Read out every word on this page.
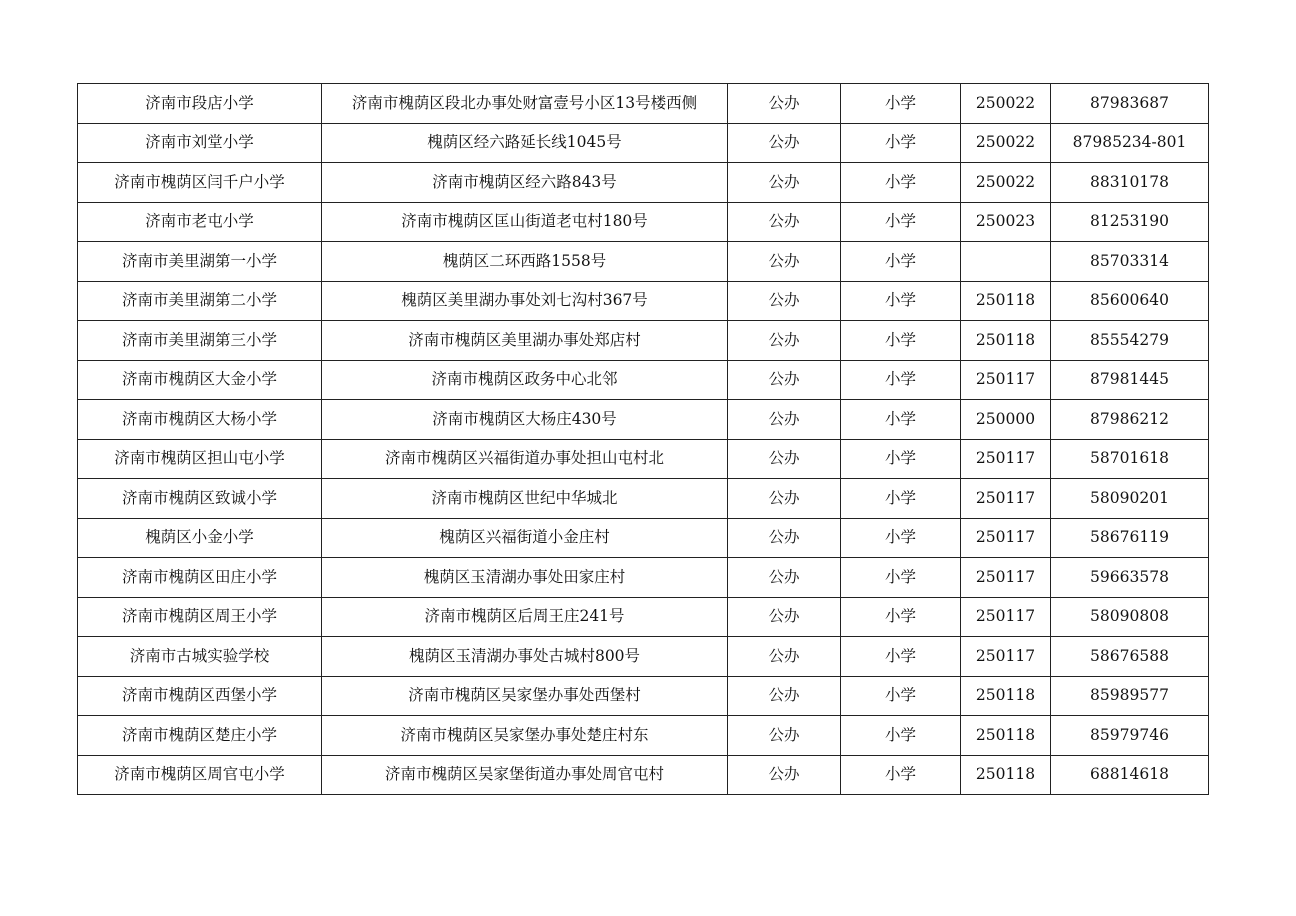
济南市段店小学	济南市槐荫区段北办事处财富壹号小区13号楼西侧	公办	小学	250022	87983687
济南市刘堂小学	槐荫区经六路延长线1045号	公办	小学	250022	87985234-801
济南市槐荫区闫千户小学	济南市槐荫区经六路843号	公办	小学	250022	88310178
济南市老屯小学	济南市槐荫区匡山街道老屯村180号	公办	小学	250023	81253190
济南市美里湖第一小学	槐荫区二环西路1558号	公办	小学		85703314
济南市美里湖第二小学	槐荫区美里湖办事处刘七沟村367号	公办	小学	250118	85600640
济南市美里湖第三小学	济南市槐荫区美里湖办事处郑店村	公办	小学	250118	85554279
济南市槐荫区大金小学	济南市槐荫区政务中心北邻	公办	小学	250117	87981445
济南市槐荫区大杨小学	济南市槐荫区大杨庄430号	公办	小学	250000	87986212
济南市槐荫区担山屯小学	济南市槐荫区兴福街道办事处担山屯村北	公办	小学	250117	58701618
济南市槐荫区致诚小学	济南市槐荫区世纪中华城北	公办	小学	250117	58090201
槐荫区小金小学	槐荫区兴福街道小金庄村	公办	小学	250117	58676119
济南市槐荫区田庄小学	槐荫区玉清湖办事处田家庄村	公办	小学	250117	59663578
济南市槐荫区周王小学	济南市槐荫区后周王庄241号	公办	小学	250117	58090808
济南市古城实验学校	槐荫区玉清湖办事处古城村800号	公办	小学	250117	58676588
济南市槐荫区西堡小学	济南市槐荫区吴家堡办事处西堡村	公办	小学	250118	85989577
济南市槐荫区楚庄小学	济南市槐荫区吴家堡办事处楚庄村东	公办	小学	250118	85979746
济南市槐荫区周官屯小学	济南市槐荫区吴家堡街道办事处周官屯村	公办	小学	250118	68814618
